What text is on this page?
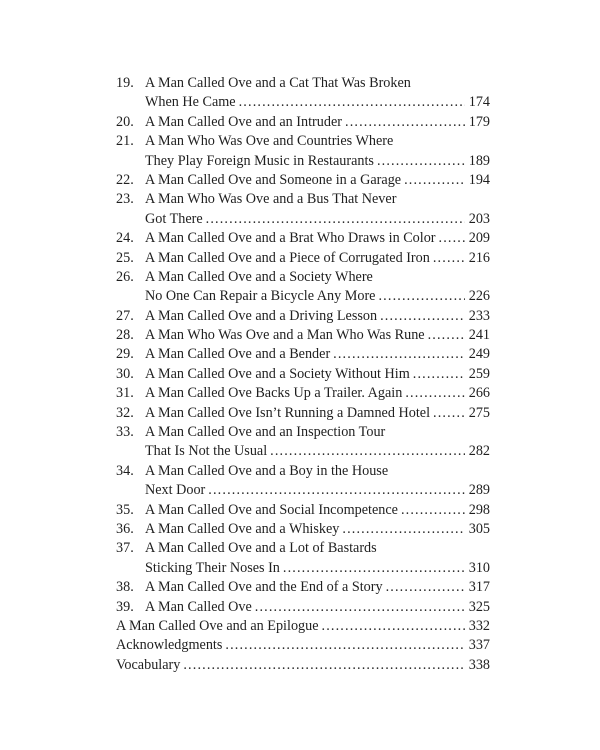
19. A Man Called Ove and a Cat That Was Broken
When He Came . . .	174
20. A Man Called Ove and an Intruder . . .	179
21. A Man Who Was Ove and Countries Where
They Play Foreign Music in Restaurants . . .	189
22. A Man Called Ove and Someone in a Garage . . .	194
23. A Man Who Was Ove and a Bus That Never
Got There . . .	203
24. A Man Called Ove and a Brat Who Draws in Color . . . 209
25. A Man Called Ove and a Piece of Corrugated Iron . . .	216
26. A Man Called Ove and a Society Where
No One Can Repair a Bicycle Any More . . .	226
27. A Man Called Ove and a Driving Lesson . . .	233
28. A Man Who Was Ove and a Man Who Was Rune . . .	241
29. A Man Called Ove and a Bender . . .	249
30. A Man Called Ove and a Society Without Him . . .	259
31. A Man Called Ove Backs Up a Trailer. Again . . .	266
32. A Man Called Ove Isn’t Running a Damned Hotel . . .	275
33. A Man Called Ove and an Inspection Tour
That Is Not the Usual . . .	282
34. A Man Called Ove and a Boy in the House
Next Door . . .	289
35. A Man Called Ove and Social Incompetence . . .	298
36. A Man Called Ove and a Whiskey . . .	305
37. A Man Called Ove and a Lot of Bastards
Sticking Their Noses In . . .	310
38. A Man Called Ove and the End of a Story . . .	317
39. A Man Called Ove . . .	325
A Man Called Ove and an Epilogue . . .	332
Acknowledgments . . .	337
Vocabulary . . .	338
